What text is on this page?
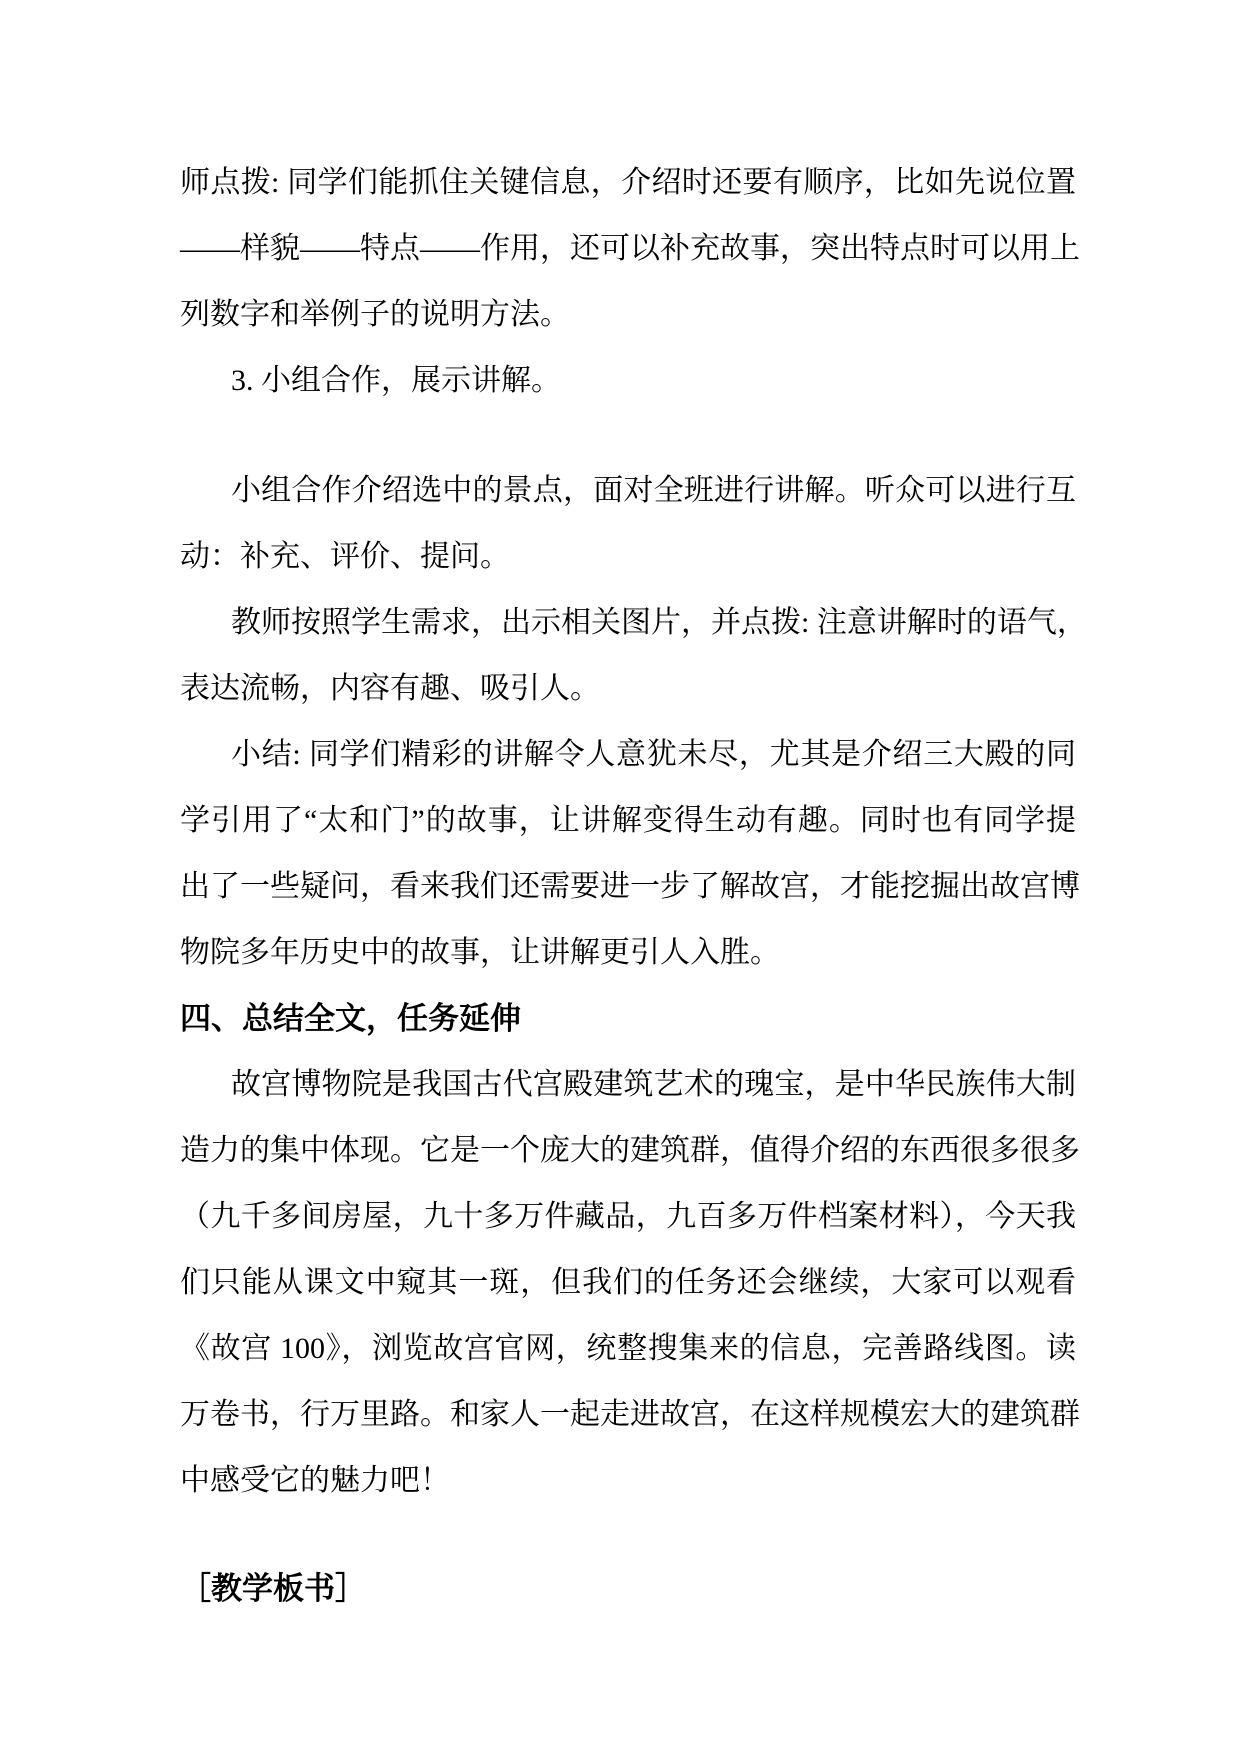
师点拨: 同学们能抓住关键信息，介绍时还要有顺序，比如先说位置
——样貌——特点——作用，还可以补充故事，突出特点时可以用上
列数字和举例子的说明方法。
3. 小组合作，展示讲解。
小组合作介绍选中的景点，面对全班进行讲解。听众可以进行互
动：补充、评价、提问。
教师按照学生需求，出示相关图片，并点拨: 注意讲解时的语气，
表达流畅，内容有趣、吸引人。
小结: 同学们精彩的讲解令人意犹未尽，尤其是介绍三大殿的同
学引用了“太和门”的故事，让讲解变得生动有趣。同时也有同学提
出了一些疑问，看来我们还需要进一步了解故宫，才能挖掘出故宫博
物院多年历史中的故事，让讲解更引人入胜。
四、总结全文，任务延伸
故宫博物院是我国古代宫殿建筑艺术的瑰宝，是中华民族伟大制
造力的集中体现。它是一个庞大的建筑群，值得介绍的东西很多很多
（九千多间房屋，九十多万件藏品，九百多万件档案材料），今天我
们只能从课文中窥其一斑，但我们的任务还会继续，大家可以观看
《故宫 100》，浏览故宫官网，统整搜集来的信息，完善路线图。读
万卷书，行万里路。和家人一起走进故宫，在这样规模宏大的建筑群
中感受它的魅力吧！
［教学板书］
